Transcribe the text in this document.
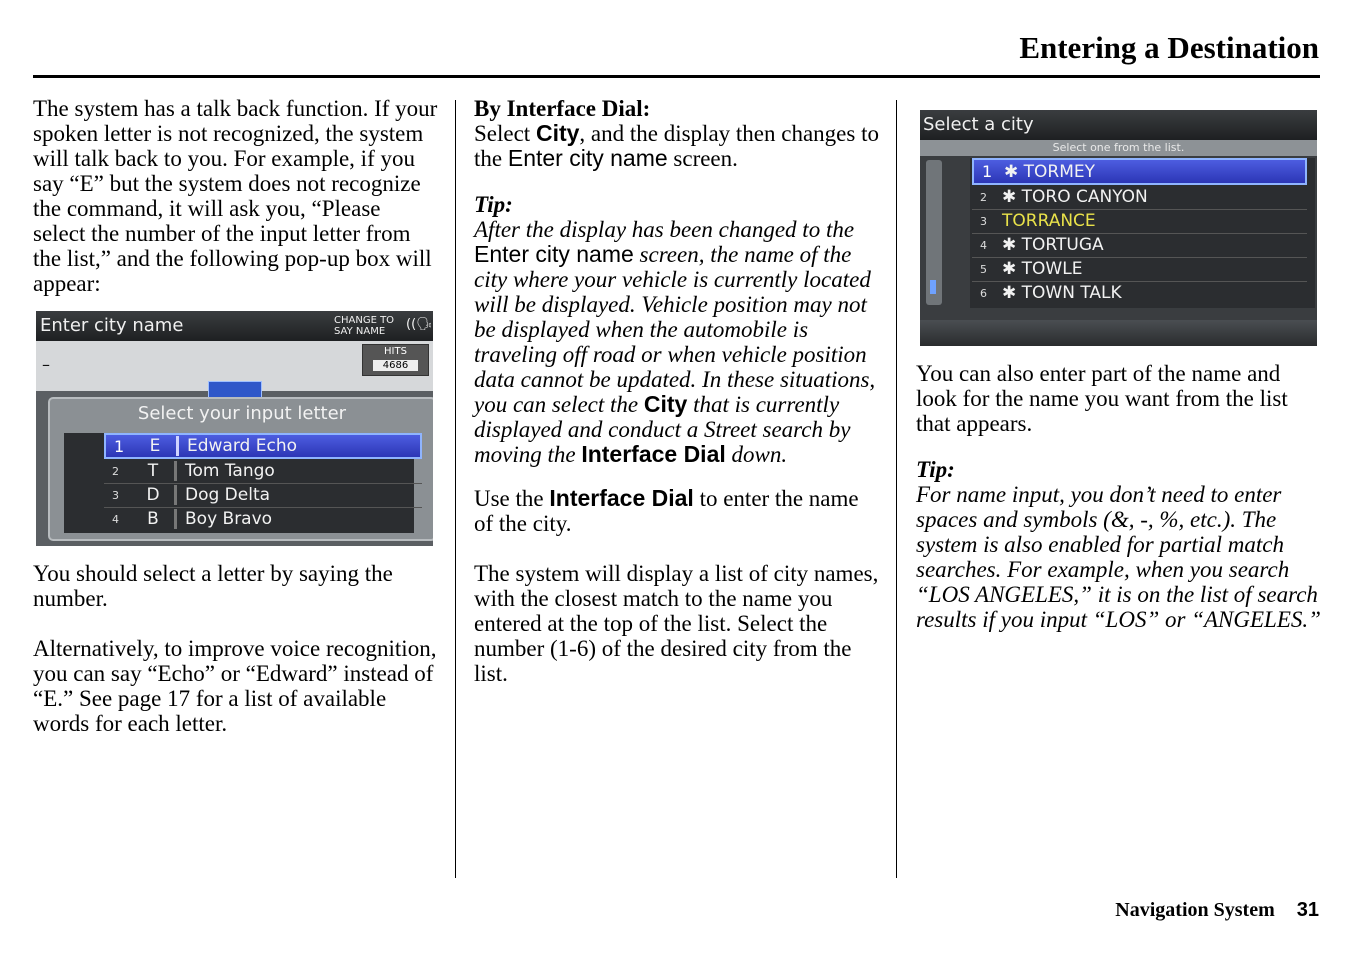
Entering a Destination

The system has a talk back function. If your spoken letter is not recognized, the system will talk back to you. For example, if you say “E” but the system does not recognize the command, it will ask you, “Please select the number of the input letter from the list,” and the following pop-up box will appear:

Enter city name	CHANGE TO
SAY NAME	((🗣
–
HITS
4686
Select your input letter
1	E	Edward Echo
2	T	Tom Tango
3	D	Dog Delta
4	B	Boy Bravo

You should select a letter by saying the number.

Alternatively, to improve voice recognition, you can say “Echo” or “Edward” instead of “E.” See page 17 for a list of available words for each letter.

By Interface Dial:

Select City, and the display then changes to the Enter city name screen.

Tip:

After the display has been changed to the Enter city name screen, the name of the city where your vehicle is currently located will be displayed. Vehicle position may not be displayed when the automobile is traveling off road or when vehicle position data cannot be updated. In these situations, you can select the City that is currently displayed and conduct a Street search by moving the Interface Dial down.

Use the Interface Dial to enter the name of the city.

The system will display a list of city names, with the closest match to the name you entered at the top of the list. Select the number (1-6) of the desired city from the list.

Select a city
Select one from the list.
1 ✱ TORMEY
2 ✱ TORO CANYON
3 TORRANCE
4 ✱ TORTUGA
5 ✱ TOWLE
6 ✱ TOWN TALK

You can also enter part of the name and look for the name you want from the list that appears.

Tip:

For name input, you don’t need to enter spaces and symbols (&, -, %, etc.). The system is also enabled for partial match searches. For example, when you search “LOS ANGELES,” it is on the list of search results if you input “LOS” or “ANGELES.”

Navigation System 31
